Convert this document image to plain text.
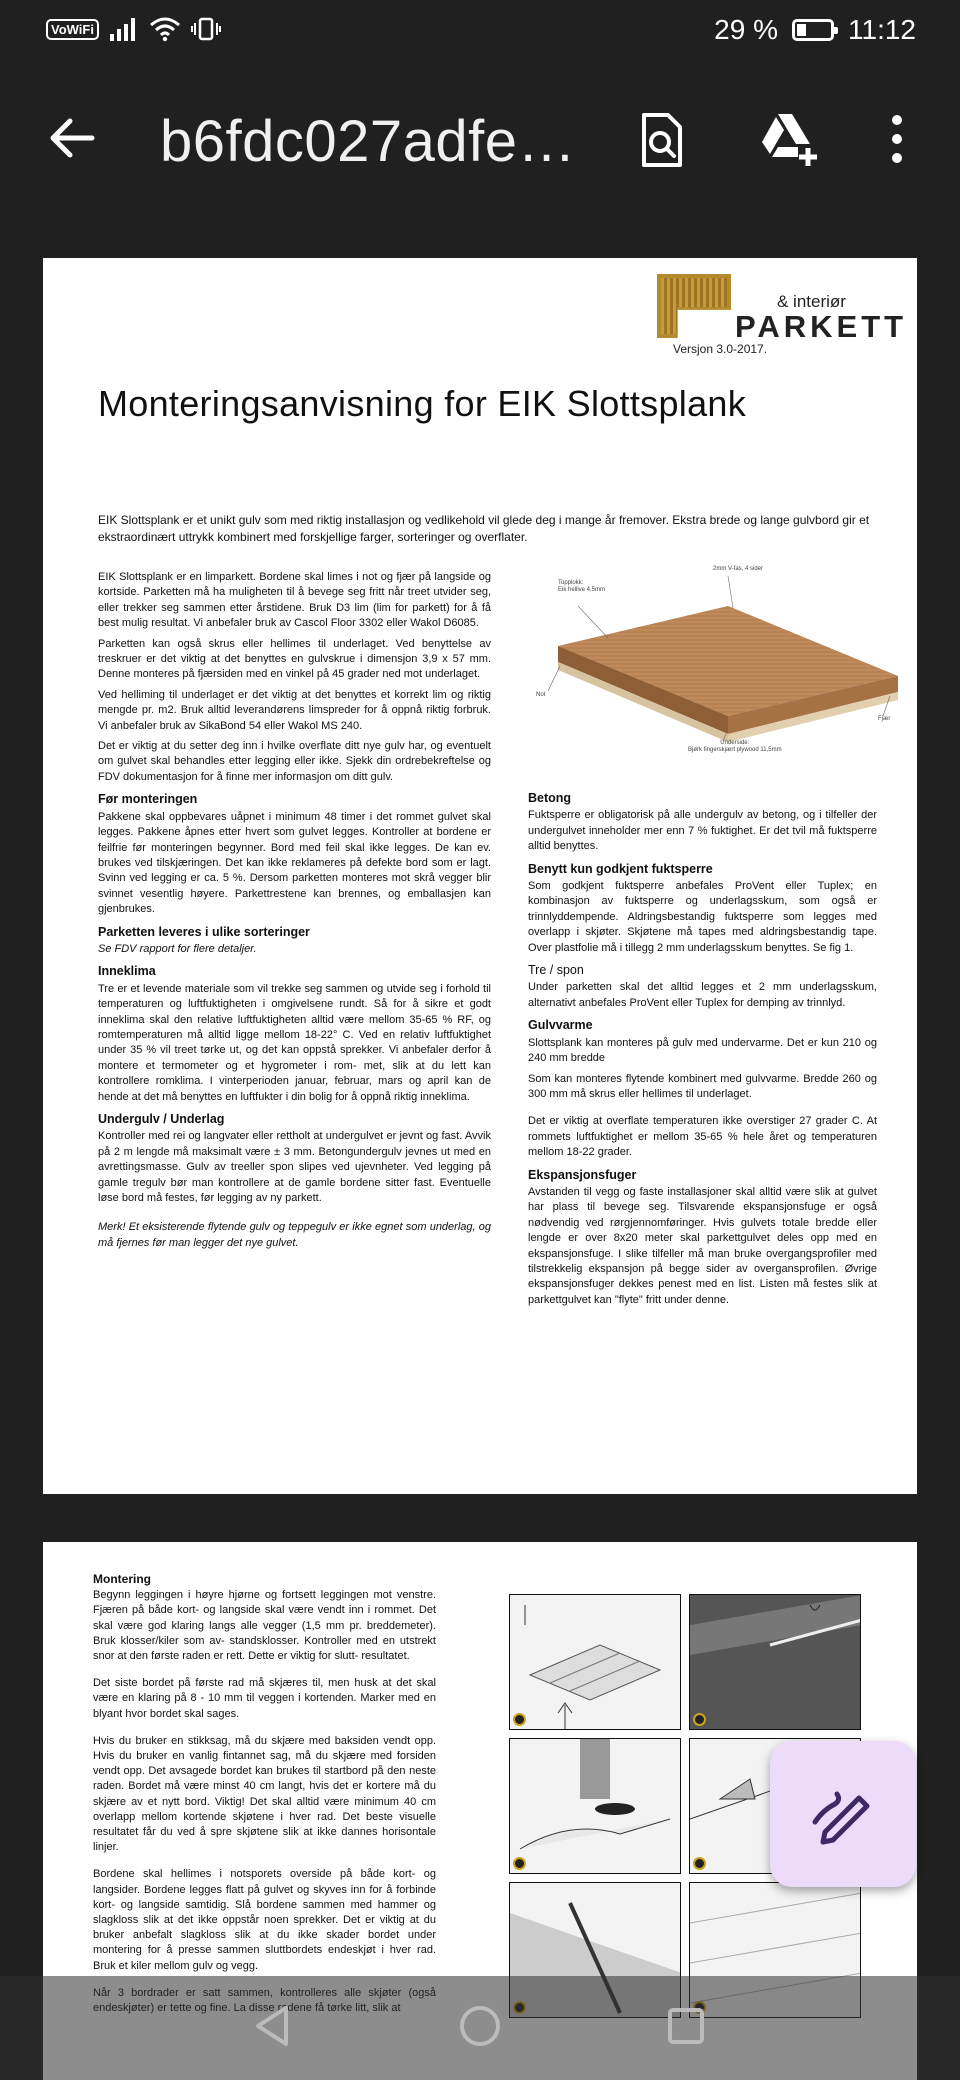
VoWiFi	29 %	11:12
b6fdc027adfe…
& interiør
PARKETT
Versjon 3.0-2017.
Monteringsanvisning for EIK Slottsplank
EIK Slottsplank er et unikt gulv som med riktig installasjon og vedlikehold vil glede deg i mange år fremover. Ekstra brede og lange gulvbord gir et ekstraordinært uttrykk kombinert med forskjellige farger, sorteringer og overflater.

EIK Slottsplank er en limparkett. Bordene skal limes i not og fjær på langside og kortside. Parketten må ha muligheten til å bevege seg fritt når treet utvider seg, eller trekker seg sammen etter årstidene. Bruk D3 lim (lim for parkett) for å få best mulig resultat. Vi anbefaler bruk av Cascol Floor 3302 eller Wakol D6085.

Parketten kan også skrus eller hellimes til underlaget. Ved benyttelse av treskruer er det viktig at det benyttes en gulvskrue i dimensjon 3,9 x 57 mm. Denne monteres på fjærsiden med en vinkel på 45 grader ned mot underlaget.

Ved helliming til underlaget er det viktig at det benyttes et korrekt lim og riktig mengde pr. m2. Bruk alltid leverandørens limspreder for å oppnå riktig forbruk. Vi anbefaler bruk av SikaBond 54 eller Wakol MS 240.

Det er viktig at du setter deg inn i hvilke overflate ditt nye gulv har, og eventuelt om gulvet skal behandles etter legging eller ikke. Sjekk din ordrebekreftelse og FDV dokumentasjon for å finne mer informasjon om ditt gulv.

Før monteringen

Pakkene skal oppbevares uåpnet i minimum 48 timer i det rommet gulvet skal legges. Pakkene åpnes etter hvert som gulvet legges. Kontroller at bordene er feilfrie før monteringen begynner. Bord med feil skal ikke legges. De kan ev. brukes ved tilskjæringen. Det kan ikke reklameres på defekte bord som er lagt. Svinn ved legging er ca. 5 %. Dersom parketten monteres mot skrå vegger blir svinnet vesentlig høyere. Parkettrestene kan brennes, og emballasjen kan gjenbrukes.

Parketten leveres i ulike sorteringer

Se FDV rapport for flere detaljer.

Inneklima

Tre er et levende materiale som vil trekke seg sammen og utvide seg i forhold til temperaturen og luftfuktigheten i omgivelsene rundt. Så for å sikre et godt inneklima skal den relative luftfuktigheten alltid være mellom 35-65 % RF, og romtemperaturen må alltid ligge mellom 18-22° C. Ved en relativ luftfuktighet under 35 % vil treet tørke ut, og det kan oppstå sprekker. Vi anbefaler derfor å montere et termometer og et hygrometer i rom- met, slik at du lett kan kontrollere romklima. I vinterperioden januar, februar, mars og april kan de hende at det må benyttes en luftfukter i din bolig for å oppnå riktig inneklima.

Undergulv / Underlag

Kontroller med rei og langvater eller rettholt at undergulvet er jevnt og fast. Avvik på 2 m lengde må maksimalt være ± 3 mm. Betongundergulv jevnes ut med en avrettingsmasse. Gulv av treeller spon slipes ved ujevnheter. Ved legging på gamle tregulv bør man kontrollere at de gamle bordene sitter fast. Eventuelle løse bord må festes, før legging av ny parkett.

Merk! Et eksisterende flytende gulv og teppegulv er ikke egnet som underlag, og må fjernes før man legger det nye gulvet.

2mm V-fas, 4 sider
Topplokk:
Eik hellive 4,5mm
Not
Fjær
Underside:
Bjørk fingerskjært plywood 11,5mm
Betong

Fuktsperre er obligatorisk på alle undergulv av betong, og i tilfeller der undergulvet inneholder mer enn 7 % fuktighet. Er det tvil må fuktsperre alltid benyttes.

Benytt kun godkjent fuktsperre

Som godkjent fuktsperre anbefales ProVent eller Tuplex; en kombinasjon av fuktsperre og underlagsskum, som også er trinnlyddempende. Aldringsbestandig fuktsperre som legges med overlapp i skjøter. Skjøtene må tapes med aldringsbestandig tape. Over plastfolie må i tillegg 2 mm underlagsskum benyttes. Se fig 1.

Tre / spon

Under parketten skal det alltid legges et 2 mm underlagsskum, alternativt anbefales ProVent eller Tuplex for demping av trinnlyd.

Gulvvarme

Slottsplank kan monteres på gulv med undervarme. Det er kun 210 og 240 mm bredde

Som kan monteres flytende kombinert med gulvvarme. Bredde 260 og 300 mm må skrus eller hellimes til underlaget.

Det er viktig at overflate temperaturen ikke overstiger 27 grader C. At rommets luftfuktighet er mellom 35-65 % hele året og temperaturen mellom 18-22 grader.

Ekspansjonsfuger

Avstanden til vegg og faste installasjoner skal alltid være slik at gulvet har plass til bevege seg. Tilsvarende ekspansjonsfuge er også nødvendig ved rørgjennomføringer. Hvis gulvets totale bredde eller lengde er over 8x20 meter skal parkettgulvet deles opp med en ekspansjonsfuge. I slike tilfeller må man bruke overgangsprofiler med tilstrekkelig ekspansjon på begge sider av overgansprofilen. Øvrige ekspansjonsfuger dekkes penest med en list. Listen må festes slik at parkettgulvet kan "flyte" fritt under denne.

Montering

Begynn leggingen i høyre hjørne og fortsett leggingen mot venstre. Fjæren på både kort- og langside skal være vendt inn i rommet. Det skal være god klaring langs alle vegger (1,5 mm pr. breddemeter). Bruk klosser/kiler som av- standsklosser. Kontroller med en utstrekt snor at den første raden er rett. Dette er viktig for slutt- resultatet.

Det siste bordet på første rad må skjæres til, men husk at det skal være en klaring på 8 - 10 mm til veggen i kortenden. Marker med en blyant hvor bordet skal sages.

Hvis du bruker en stikksag, må du skjære med baksiden vendt opp. Hvis du bruker en vanlig fintannet sag, må du skjære med forsiden vendt opp. Det avsagede bordet kan brukes til startbord på den neste raden. Bordet må være minst 40 cm langt, hvis det er kortere må du skjære av et nytt bord. Viktig! Det skal alltid være minimum 40 cm overlapp mellom kortende skjøtene i hver rad. Det beste visuelle resultatet får du ved å spre skjøtene slik at ikke dannes horisontale linjer.

Bordene skal hellimes i notsporets overside på både kort- og langsider. Bordene legges flatt på gulvet og skyves inn for å forbinde kort- og langside samtidig. Slå bordene sammen med hammer og slagkloss slik at det ikke oppstår noen sprekker. Det er viktig at du bruker anbefalt slagkloss slik at du ikke skader bordet under montering for å presse sammen sluttbordets endeskjøt i hver rad. Bruk et kiler mellom gulv og vegg.
